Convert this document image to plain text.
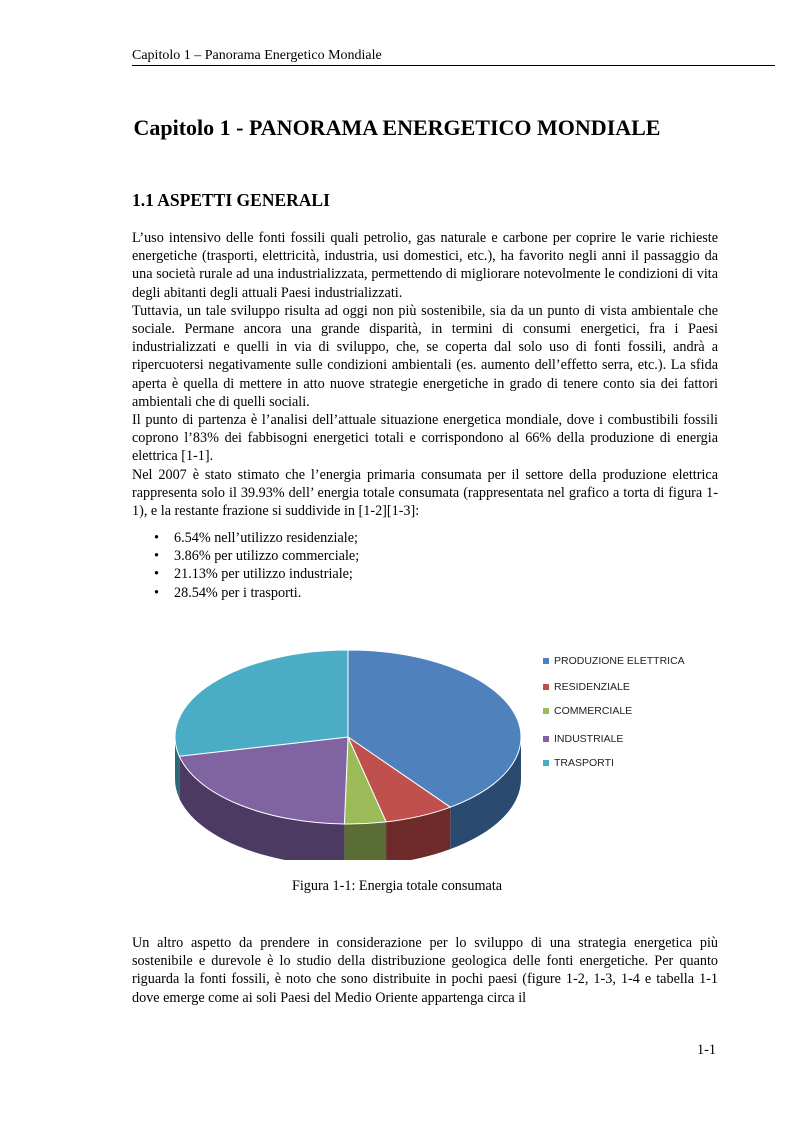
Capitolo 1 – Panorama Energetico Mondiale
Capitolo 1 - PANORAMA ENERGETICO MONDIALE
1.1 ASPETTI GENERALI
L’uso intensivo delle fonti fossili quali petrolio, gas naturale e carbone per coprire le varie richieste energetiche (trasporti, elettricità, industria, usi domestici, etc.), ha favorito negli anni il passaggio da una società rurale ad una industrializzata, permettendo di migliorare notevolmente le condizioni di vita degli abitanti degli attuali Paesi industrializzati.
Tuttavia, un tale sviluppo risulta ad oggi non più sostenibile, sia da un punto di vista ambientale che sociale. Permane ancora una grande disparità, in termini di consumi energetici, fra i Paesi industrializzati e quelli in via di sviluppo, che, se coperta dal solo uso di fonti fossili, andrà a ripercuotersi negativamente sulle condizioni ambientali (es. aumento dell’effetto serra, etc.). La sfida aperta è quella di mettere in atto nuove strategie energetiche in grado di tenere conto sia dei fattori ambientali che di quelli sociali.
Il punto di partenza è l’analisi dell’attuale situazione energetica mondiale, dove i combustibili fossili coprono l’83% dei fabbisogni energetici totali e corrispondono al 66% della produzione di energia elettrica [1-1].
Nel 2007 è stato stimato che l’energia primaria consumata per il settore della produzione elettrica rappresenta solo il 39.93% dell’ energia totale consumata (rappresentata nel grafico a torta di figura 1-1), e la restante frazione si suddivide in [1-2][1-3]:
• 6.54% nell’utilizzo residenziale;
• 3.86% per utilizzo commerciale;
• 21.13% per utilizzo industriale;
• 28.54% per i trasporti.
PRODUZIONE ELETTRICA
RESIDENZIALE
COMMERCIALE
INDUSTRIALE
TRASPORTI
Figura 1-1: Energia totale consumata
Un altro aspetto da prendere in considerazione per lo sviluppo di una strategia energetica più sostenibile e durevole è lo studio della distribuzione geologica delle fonti energetiche. Per quanto riguarda la fonti fossili, è noto che sono distribuite in pochi paesi (figure 1-2, 1-3, 1-4 e tabella 1-1 dove emerge come ai soli Paesi del Medio Oriente appartenga circa il
1-1
